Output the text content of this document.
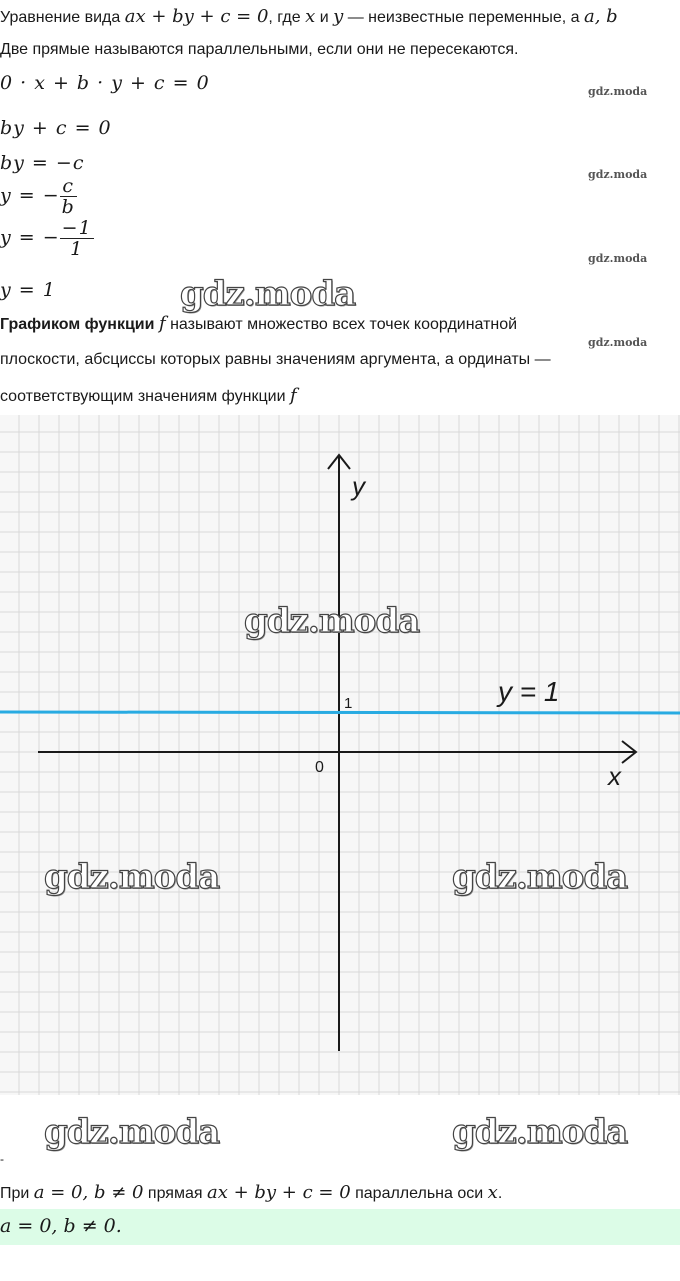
Уравнение вида ax + by + c = 0, где x и y — неизвестные переменные, а a, b
Две прямые называются параллельными, если они не пересекаются.
0 · x + b · y + c = 0
by + c = 0
by = −c
y = − $\frac{c}{b}$
y = − $\frac{-1}{1}$
y = 1
gdz.moda
gdz.moda
gdz.moda
gdz.moda
gdz.moda
Графиком функции f называют множество всех точек координатной
плоскости, абсциссы которых равны значениям аргумента, а ординаты —
соответствующим значениям функции f
y
x
0
1	y = 1
gdz.moda
gdz.moda	gdz.moda
gdz.moda	gdz.moda
-
При a = 0, b ≠ 0 прямая ax + by + c = 0 параллельна оси x.
a = 0, b ≠ 0.
